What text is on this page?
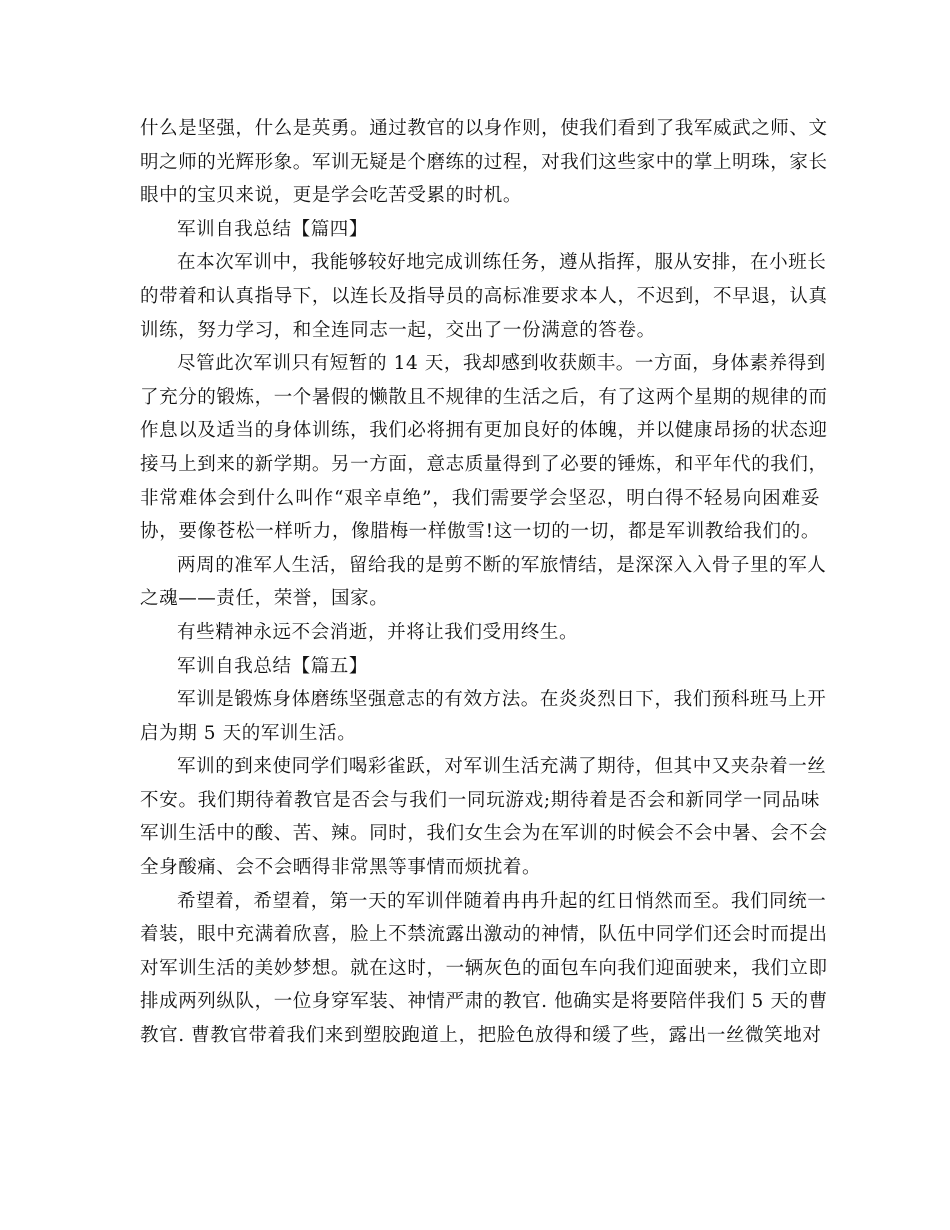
什么是坚强，什么是英勇。通过教官的以身作则，使我们看到了我军威武之师、文
明之师的光辉形象。军训无疑是个磨练的过程，对我们这些家中的掌上明珠，家长
眼中的宝贝来说，更是学会吃苦受累的时机。
军训自我总结【篇四】
在本次军训中，我能够较好地完成训练任务，遵从指挥，服从安排，在小班长
的带着和认真指导下，以连长及指导员的高标准要求本人，不迟到，不早退，认真
训练，努力学习，和全连同志一起，交出了一份满意的答卷。
尽管此次军训只有短暂的 14 天，我却感到收获颇丰。一方面，身体素养得到
了充分的锻炼，一个暑假的懒散且不规律的生活之后，有了这两个星期的规律的而
作息以及适当的身体训练，我们必将拥有更加良好的体魄，并以健康昂扬的状态迎
接马上到来的新学期。另一方面，意志质量得到了必要的锤炼，和平年代的我们，
非常难体会到什么叫作“艰辛卓绝”，我们需要学会坚忍，明白得不轻易向困难妥
协，要像苍松一样听力，像腊梅一样傲雪!这一切的一切，都是军训教给我们的。
两周的准军人生活，留给我的是剪不断的军旅情结，是深深入入骨子里的军人
之魂——责任，荣誉，国家。
有些精神永远不会消逝，并将让我们受用终生。
军训自我总结【篇五】
军训是锻炼身体磨练坚强意志的有效方法。在炎炎烈日下，我们预科班马上开
启为期 5 天的军训生活。
军训的到来使同学们喝彩雀跃，对军训生活充满了期待，但其中又夹杂着一丝
不安。我们期待着教官是否会与我们一同玩游戏;期待着是否会和新同学一同品味
军训生活中的酸、苦、辣。同时，我们女生会为在军训的时候会不会中暑、会不会
全身酸痛、会不会晒得非常黑等事情而烦扰着。
希望着，希望着，第一天的军训伴随着冉冉升起的红日悄然而至。我们同统一
着装，眼中充满着欣喜，脸上不禁流露出激动的神情，队伍中同学们还会时而提出
对军训生活的美妙梦想。就在这时，一辆灰色的面包车向我们迎面驶来，我们立即
排成两列纵队，一位身穿军装、神情严肃的教官. 他确实是将要陪伴我们 5 天的曹
教官. 曹教官带着我们来到塑胶跑道上，把脸色放得和缓了些，露出一丝微笑地对
